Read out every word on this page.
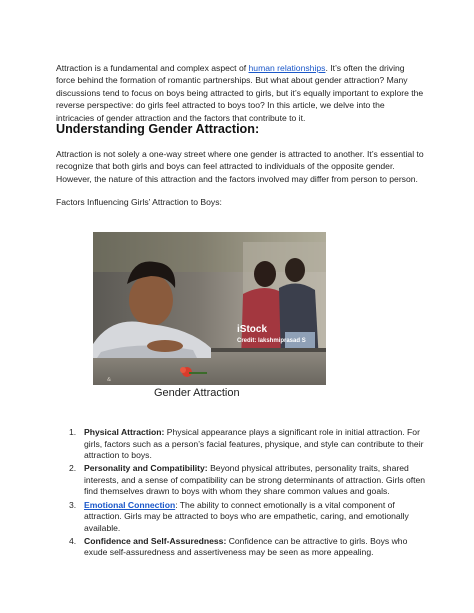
Attraction is a fundamental and complex aspect of human relationships. It’s often the driving force behind the formation of romantic partnerships. But what about gender attraction? Many discussions tend to focus on boys being attracted to girls, but it’s equally important to explore the reverse perspective: do girls feel attracted to boys too? In this article, we delve into the intricacies of gender attraction and the factors that contribute to it.

Understanding Gender Attraction:

Attraction is not solely a one-way street where one gender is attracted to another. It’s essential to recognize that both girls and boys can feel attracted to individuals of the opposite gender. However, the nature of this attraction and the factors involved may differ from person to person.

Factors Influencing Girls’ Attraction to Boys:

&
iStock
Credit: lakshmiprasad S

Gender Attraction

1. Physical Attraction: Physical appearance plays a significant role in initial attraction. For girls, factors such as a person’s facial features, physique, and style can contribute to their attraction to boys.
2. Personality and Compatibility: Beyond physical attributes, personality traits, shared interests, and a sense of compatibility can be strong determinants of attraction. Girls often find themselves drawn to boys with whom they share common values and goals.
3. Emotional Connection: The ability to connect emotionally is a vital component of attraction. Girls may be attracted to boys who are empathetic, caring, and emotionally available.
4. Confidence and Self-Assuredness: Confidence can be attractive to girls. Boys who exude self-assuredness and assertiveness may be seen as more appealing.
